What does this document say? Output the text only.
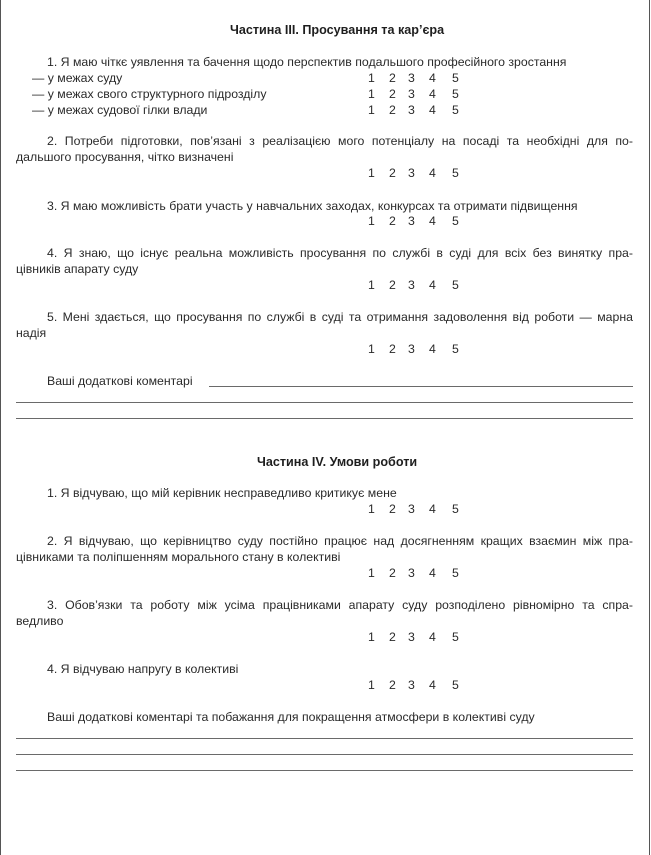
Частина III. Просування та кар’єра
1. Я маю чіткє уявлення та бачення щодо перспектив подальшого професійного зростання
— у межах суду
— у межах свого структурного підрозділу
— у межах судової гілки влади
1 2 3 4 5
1 2 3 4 5
1 2 3 4 5
2. Потреби підготовки, пов’язані з реалізацією мого потенціалу на посаді та необхідні для по-
дальшого просування, чітко визначені
1 2 3 4 5
3. Я маю можливість брати участь у навчальних заходах, конкурсах та отримати підвищення
1 2 3 4 5
4. Я знаю, що існує реальна можливість просування по службі в суді для всіх без винятку пра-
цівників апарату суду
1 2 3 4 5
5. Мені здається, що просування по службі в суді та отримання задоволення від роботи — марна
надія
1 2 3 4 5
Ваші додаткові коментарі
Частина IV. Умови роботи
1. Я відчуваю, що мій керівник несправедливо критикує мене
1 2 3 4 5
2. Я відчуваю, що керівництво суду постійно працює над досягненням кращих взаємин між пра-
цівниками та поліпшенням морального стану в колективі
1 2 3 4 5
3. Обов’язки та роботу між усіма працівниками апарату суду розподілено рівномірно та спра-
ведливо
1 2 3 4 5
4. Я відчуваю напругу в колективі
1 2 3 4 5
Ваші додаткові коментарі та побажання для покращення атмосфери в колективі суду
